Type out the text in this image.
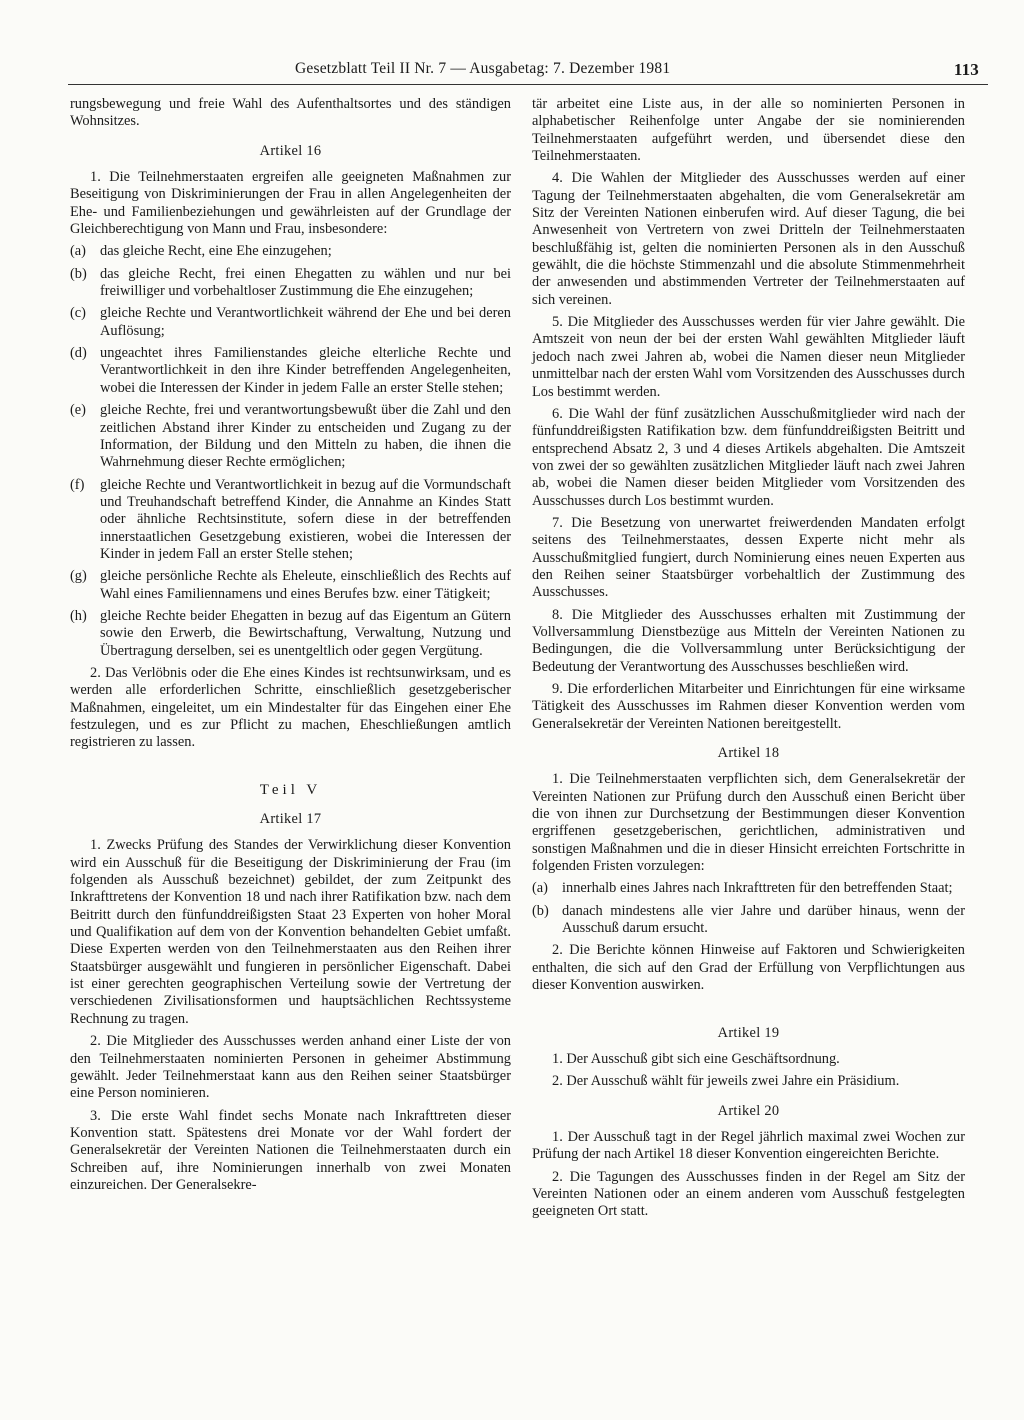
Gesetzblatt Teil II Nr. 7 — Ausgabetag: 7. Dezember 1981	113

rungsbewegung und freie Wahl des Aufenthaltsortes und des ständigen Wohnsitzes.

Artikel 16

1. Die Teilnehmerstaaten ergreifen alle geeigneten Maßnahmen zur Beseitigung von Diskriminierungen der Frau in allen Angelegenheiten der Ehe- und Familienbeziehungen und gewährleisten auf der Grundlage der Gleichberechtigung von Mann und Frau, insbesondere:

(a) das gleiche Recht, eine Ehe einzugehen;
(b) das gleiche Recht, frei einen Ehegatten zu wählen und nur bei freiwilliger und vorbehaltloser Zustimmung die Ehe einzugehen;
(c) gleiche Rechte und Verantwortlichkeit während der Ehe und bei deren Auflösung;
(d) ungeachtet ihres Familienstandes gleiche elterliche Rechte und Verantwortlichkeit in den ihre Kinder betreffenden Angelegenheiten, wobei die Interessen der Kinder in jedem Falle an erster Stelle stehen;
(e) gleiche Rechte, frei und verantwortungsbewußt über die Zahl und den zeitlichen Abstand ihrer Kinder zu entscheiden und Zugang zu der Information, der Bildung und den Mitteln zu haben, die ihnen die Wahrnehmung dieser Rechte ermöglichen;
(f)	gleiche Rechte und Verantwortlichkeit in bezug auf die Vormundschaft und Treuhandschaft betreffend Kinder, die Annahme an Kindes Statt oder ähnliche Rechtsinstitute, sofern diese in der betreffenden innerstaatlichen Gesetzgebung existieren, wobei die Interessen der Kinder in jedem Fall an erster Stelle stehen;
(g) gleiche persönliche Rechte als Eheleute, einschließlich des Rechts auf Wahl eines Familiennamens und eines Berufes bzw. einer Tätigkeit;
(h) gleiche Rechte beider Ehegatten in bezug auf das Eigentum an Gütern sowie den Erwerb, die Bewirtschaftung, Verwaltung, Nutzung und Übertragung derselben, sei es unentgeltlich oder gegen Vergütung.

2. Das Verlöbnis oder die Ehe eines Kindes ist rechtsunwirksam, und es werden alle erforderlichen Schritte, einschließlich gesetzgeberischer Maßnahmen, eingeleitet, um ein Mindestalter für das Eingehen einer Ehe festzulegen, und es zur Pflicht zu machen, Eheschließungen amtlich registrieren zu lassen.

Teil V
Artikel 17

1. Zwecks Prüfung des Standes der Verwirklichung dieser Konvention wird ein Ausschuß für die Beseitigung der Diskriminierung der Frau (im folgenden als Ausschuß bezeichnet) gebildet, der zum Zeitpunkt des Inkrafttretens der Konvention 18 und nach ihrer Ratifikation bzw. nach dem Beitritt durch den fünfunddreißigsten Staat 23 Experten von hoher Moral und Qualifikation auf dem von der Konvention behandelten Gebiet umfaßt. Diese Experten werden von den Teilnehmerstaaten aus den Reihen ihrer Staatsbürger ausgewählt und fungieren in persönlicher Eigenschaft. Dabei ist einer gerechten geographischen Verteilung sowie der Vertretung der verschiedenen Zivilisationsformen und hauptsächlichen Rechtssysteme Rechnung zu tragen.

2. Die Mitglieder des Ausschusses werden anhand einer Liste der von den Teilnehmerstaaten nominierten Personen in geheimer Abstimmung gewählt. Jeder Teilnehmerstaat kann aus den Reihen seiner Staatsbürger eine Person nominieren.

3. Die erste Wahl findet sechs Monate nach Inkrafttreten dieser Konvention statt. Spätestens drei Monate vor der Wahl fordert der Generalsekretär der Vereinten Nationen die Teilnehmerstaaten durch ein Schreiben auf, ihre Nominierungen innerhalb von zwei Monaten einzureichen. Der Generalsekre-

tär arbeitet eine Liste aus, in der alle so nominierten Personen in alphabetischer Reihenfolge unter Angabe der sie nominierenden Teilnehmerstaaten aufgeführt werden, und übersendet diese den Teilnehmerstaaten.

4. Die Wahlen der Mitglieder des Ausschusses werden auf einer Tagung der Teilnehmerstaaten abgehalten, die vom Generalsekretär am Sitz der Vereinten Nationen einberufen wird. Auf dieser Tagung, die bei Anwesenheit von Vertretern von zwei Dritteln der Teilnehmerstaaten beschlußfähig ist, gelten die nominierten Personen als in den Ausschuß gewählt, die die höchste Stimmenzahl und die absolute Stimmenmehrheit der anwesenden und abstimmenden Vertreter der Teilnehmerstaaten auf sich vereinen.

5. Die Mitglieder des Ausschusses werden für vier Jahre gewählt. Die Amtszeit von neun der bei der ersten Wahl gewählten Mitglieder läuft jedoch nach zwei Jahren ab, wobei die Namen dieser neun Mitglieder unmittelbar nach der ersten Wahl vom Vorsitzenden des Ausschusses durch Los bestimmt werden.

6. Die Wahl der fünf zusätzlichen Ausschußmitglieder wird nach der fünfunddreißigsten Ratifikation bzw. dem fünfunddreißigsten Beitritt und entsprechend Absatz 2, 3 und 4 dieses Artikels abgehalten. Die Amtszeit von zwei der so gewählten zusätzlichen Mitglieder läuft nach zwei Jahren ab, wobei die Namen dieser beiden Mitglieder vom Vorsitzenden des Ausschusses durch Los bestimmt wurden.

7. Die Besetzung von unerwartet freiwerdenden Mandaten erfolgt seitens des Teilnehmerstaates, dessen Experte nicht mehr als Ausschußmitglied fungiert, durch Nominierung eines neuen Experten aus den Reihen seiner Staatsbürger vorbehaltlich der Zustimmung des Ausschusses.

8. Die Mitglieder des Ausschusses erhalten mit Zustimmung der Vollversammlung Dienstbezüge aus Mitteln der Vereinten Nationen zu Bedingungen, die die Vollversammlung unter Berücksichtigung der Bedeutung der Verantwortung des Ausschusses beschließen wird.

9. Die erforderlichen Mitarbeiter und Einrichtungen für eine wirksame Tätigkeit des Ausschusses im Rahmen dieser Konvention werden vom Generalsekretär der Vereinten Nationen bereitgestellt.

Artikel 18

1. Die Teilnehmerstaaten verpflichten sich, dem Generalsekretär der Vereinten Nationen zur Prüfung durch den Ausschuß einen Bericht über die von ihnen zur Durchsetzung der Bestimmungen dieser Konvention ergriffenen gesetzgeberischen, gerichtlichen, administrativen und sonstigen Maßnahmen und die in dieser Hinsicht erreichten Fortschritte in folgenden Fristen vorzulegen:

(a) innerhalb eines Jahres nach Inkrafttreten für den betreffenden Staat;
(b) danach mindestens alle vier Jahre und darüber hinaus, wenn der Ausschuß darum ersucht.

2. Die Berichte können Hinweise auf Faktoren und Schwierigkeiten enthalten, die sich auf den Grad der Erfüllung von Verpflichtungen aus dieser Konvention auswirken.

Artikel 19

1. Der Ausschuß gibt sich eine Geschäftsordnung.

2. Der Ausschuß wählt für jeweils zwei Jahre ein Präsidium.

Artikel 20

1. Der Ausschuß tagt in der Regel jährlich maximal zwei Wochen zur Prüfung der nach Artikel 18 dieser Konvention eingereichten Berichte.

2. Die Tagungen des Ausschusses finden in der Regel am Sitz der Vereinten Nationen oder an einem anderen vom Ausschuß festgelegten geeigneten Ort statt.
